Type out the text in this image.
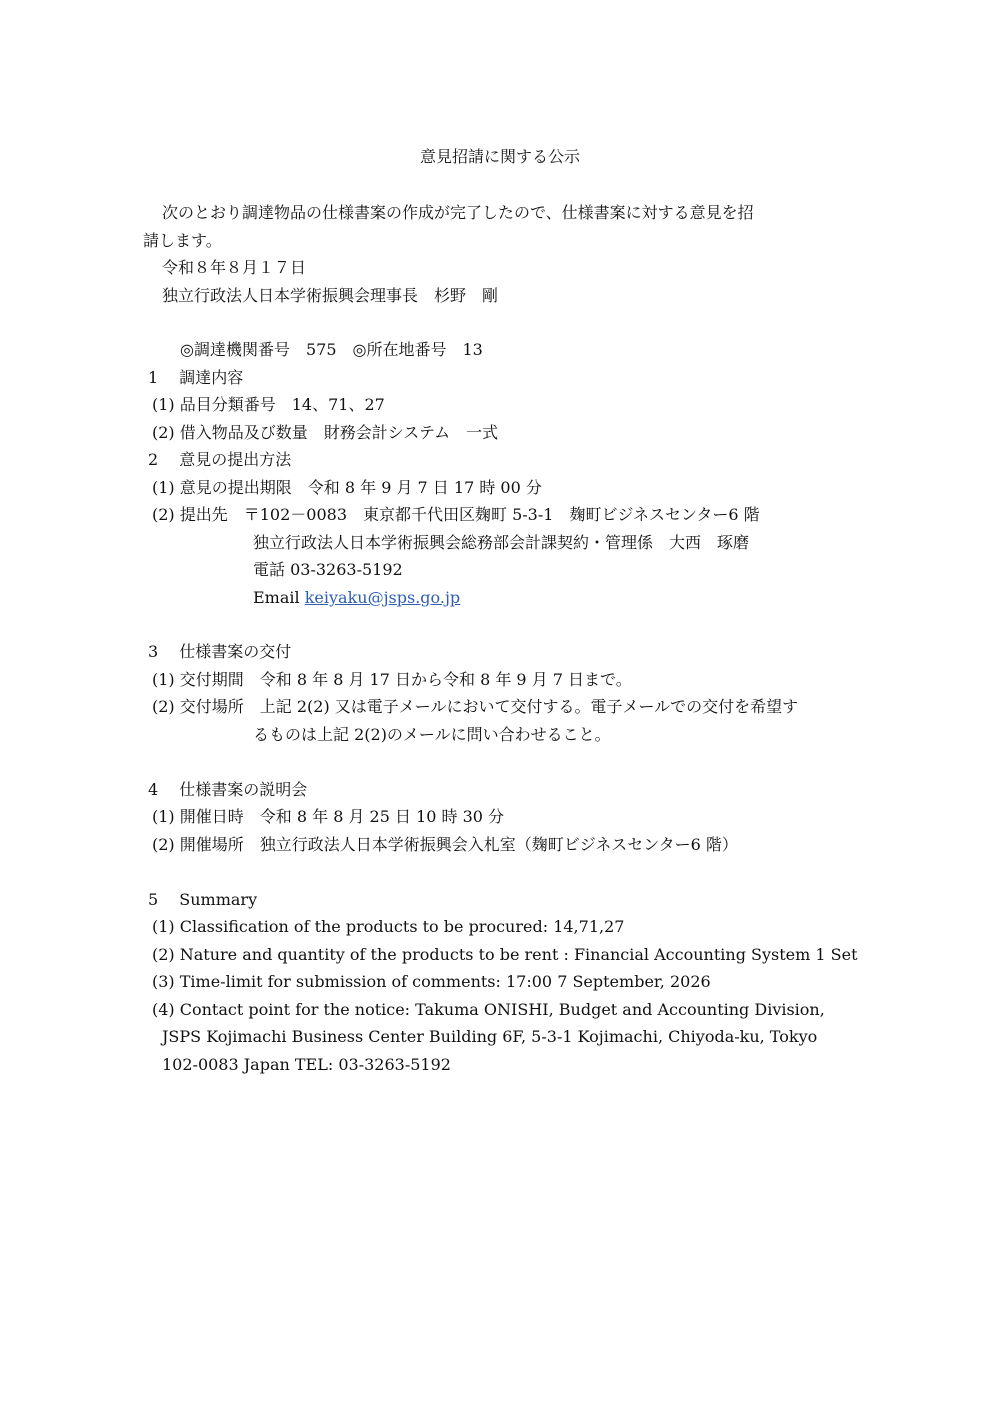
意見招請に関する公示
次のとおり調達物品の仕様書案の作成が完了したので、仕様書案に対する意見を招
請します。
令和８年８月１７日
独立行政法人日本学術振興会理事長　杉野　剛
◎調達機関番号　575　◎所在地番号　13
1　 調達内容
(1) 品目分類番号　14、71、27
(2) 借入物品及び数量　財務会計システム　一式
2　 意見の提出方法
(1) 意見の提出期限　令和 8 年 9 月 7 日 17 時 00 分
(2) 提出先　〒102－0083　東京都千代田区麹町 5-3-1　麹町ビジネスセンター6 階
独立行政法人日本学術振興会総務部会計課契約・管理係　大西　琢磨
電話 03-3263-5192
Email keiyaku@jsps.go.jp
3　 仕様書案の交付
(1) 交付期間　令和 8 年 8 月 17 日から令和 8 年 9 月 7 日まで。
(2) 交付場所　上記 2(2) 又は電子メールにおいて交付する。電子メールでの交付を希望す
るものは上記 2(2)のメールに問い合わせること。
4　 仕様書案の説明会
(1) 開催日時　令和 8 年 8 月 25 日 10 時 30 分
(2) 開催場所　独立行政法人日本学術振興会入札室（麹町ビジネスセンター6 階）
5　 Summary
(1) Classification of the products to be procured: 14,71,27
(2) Nature and quantity of the products to be rent : Financial Accounting System 1 Set
(3) Time-limit for submission of comments: 17:00 7 September, 2026
(4) Contact point for the notice: Takuma ONISHI, Budget and Accounting Division,
JSPS Kojimachi Business Center Building 6F, 5-3-1 Kojimachi, Chiyoda-ku, Tokyo
102-0083 Japan TEL: 03-3263-5192
